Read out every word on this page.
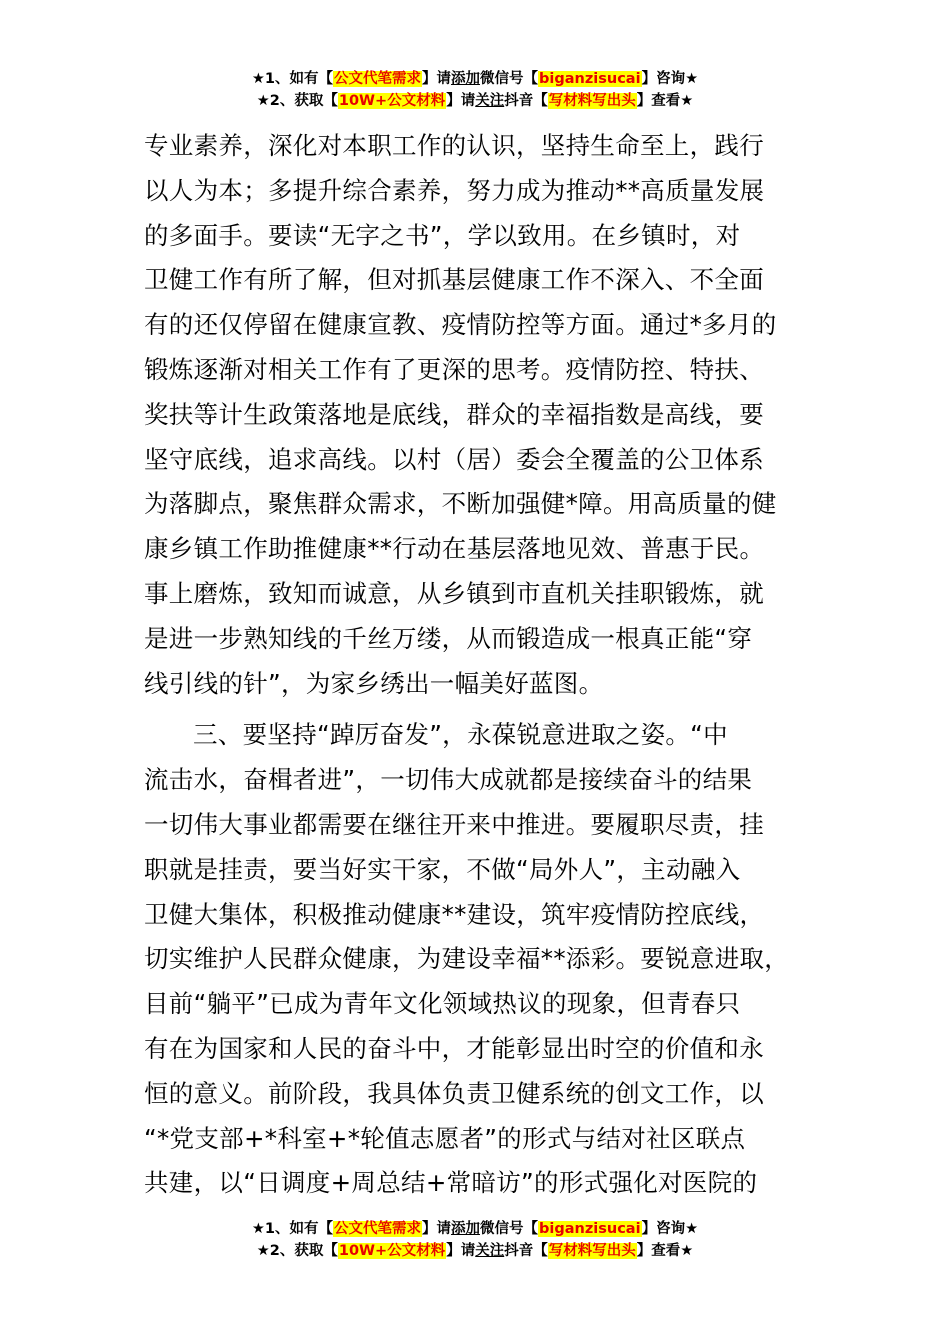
★1、如有【公文代笔需求】请添加微信号【biganzisucai】咨询★
★2、获取【10W+公文材料】请关注抖音【写材料写出头】查看★
专业素养，深化对本职工作的认识，坚持生命至上，践行
以人为本；多提升综合素养，努力成为推动**高质量发展
的多面手。要读“无字之书”，学以致用。在乡镇时，对
卫健工作有所了解，但对抓基层健康工作不深入、不全面
有的还仅停留在健康宣教、疫情防控等方面。通过*多月的
锻炼逐渐对相关工作有了更深的思考。疫情防控、特扶、
奖扶等计生政策落地是底线，群众的幸福指数是高线，要
坚守底线，追求高线。以村（居）委会全覆盖的公卫体系
为落脚点，聚焦群众需求，不断加强健*障。用高质量的健
康乡镇工作助推健康**行动在基层落地见效、普惠于民。
事上磨炼，致知而诚意，从乡镇到市直机关挂职锻炼，就
是进一步熟知线的千丝万缕，从而锻造成一根真正能“穿
线引线的针”，为家乡绣出一幅美好蓝图。
三、要坚持“踔厉奋发”，永葆锐意进取之姿。“中
流击水，奋楫者进”，一切伟大成就都是接续奋斗的结果
一切伟大事业都需要在继往开来中推进。要履职尽责，挂
职就是挂责，要当好实干家，不做“局外人”，主动融入
卫健大集体，积极推动健康**建设，筑牢疫情防控底线，
切实维护人民群众健康，为建设幸福**添彩。要锐意进取，
目前“躺平”已成为青年文化领域热议的现象，但青春只
有在为国家和人民的奋斗中，才能彰显出时空的价值和永
恒的意义。前阶段，我具体负责卫健系统的创文工作，以
“*党支部+*科室+*轮值志愿者”的形式与结对社区联点
共建，以“日调度+周总结+常暗访”的形式强化对医院的
★1、如有【公文代笔需求】请添加微信号【biganzisucai】咨询★
★2、获取【10W+公文材料】请关注抖音【写材料写出头】查看★
